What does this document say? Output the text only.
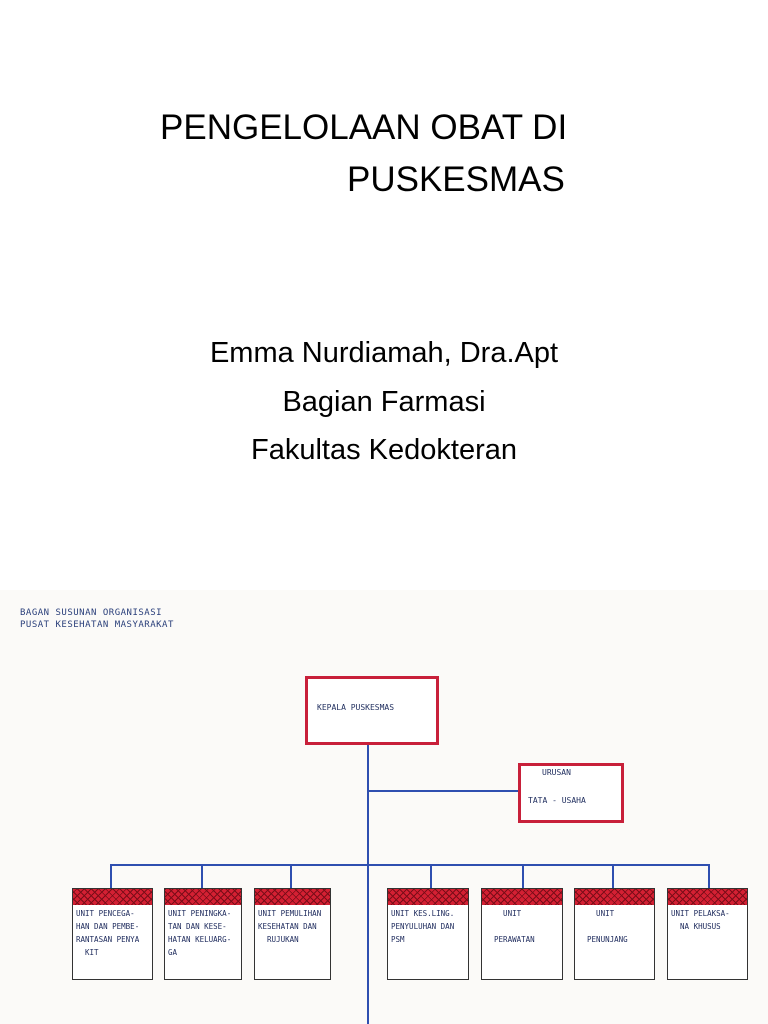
PENGELOLAAN OBAT DI
PUSKESMAS
Emma Nurdiamah, Dra.Apt
Bagian Farmasi
Fakultas Kedokteran
BAGAN SUSUNAN ORGANISASI
PUSAT KESEHATAN MASYARAKAT
KEPALA PUSKESMAS
URUSAN
TATA - USAHA
UNIT PENCEGA-
HAN DAN PEMBE-
RANTASAN PENYA
KIT
UNIT PENINGKA-
TAN DAN KESE-
HATAN KELUARG-
GA
UNIT PEMULIHAN
KESEHATAN DAN
RUJUKAN
UNIT KES.LING.
PENYULUHAN DAN
PSM
UNIT

PERAWATAN
UNIT

PENUNJANG
UNIT PELAKSA-
NA KHUSUS
